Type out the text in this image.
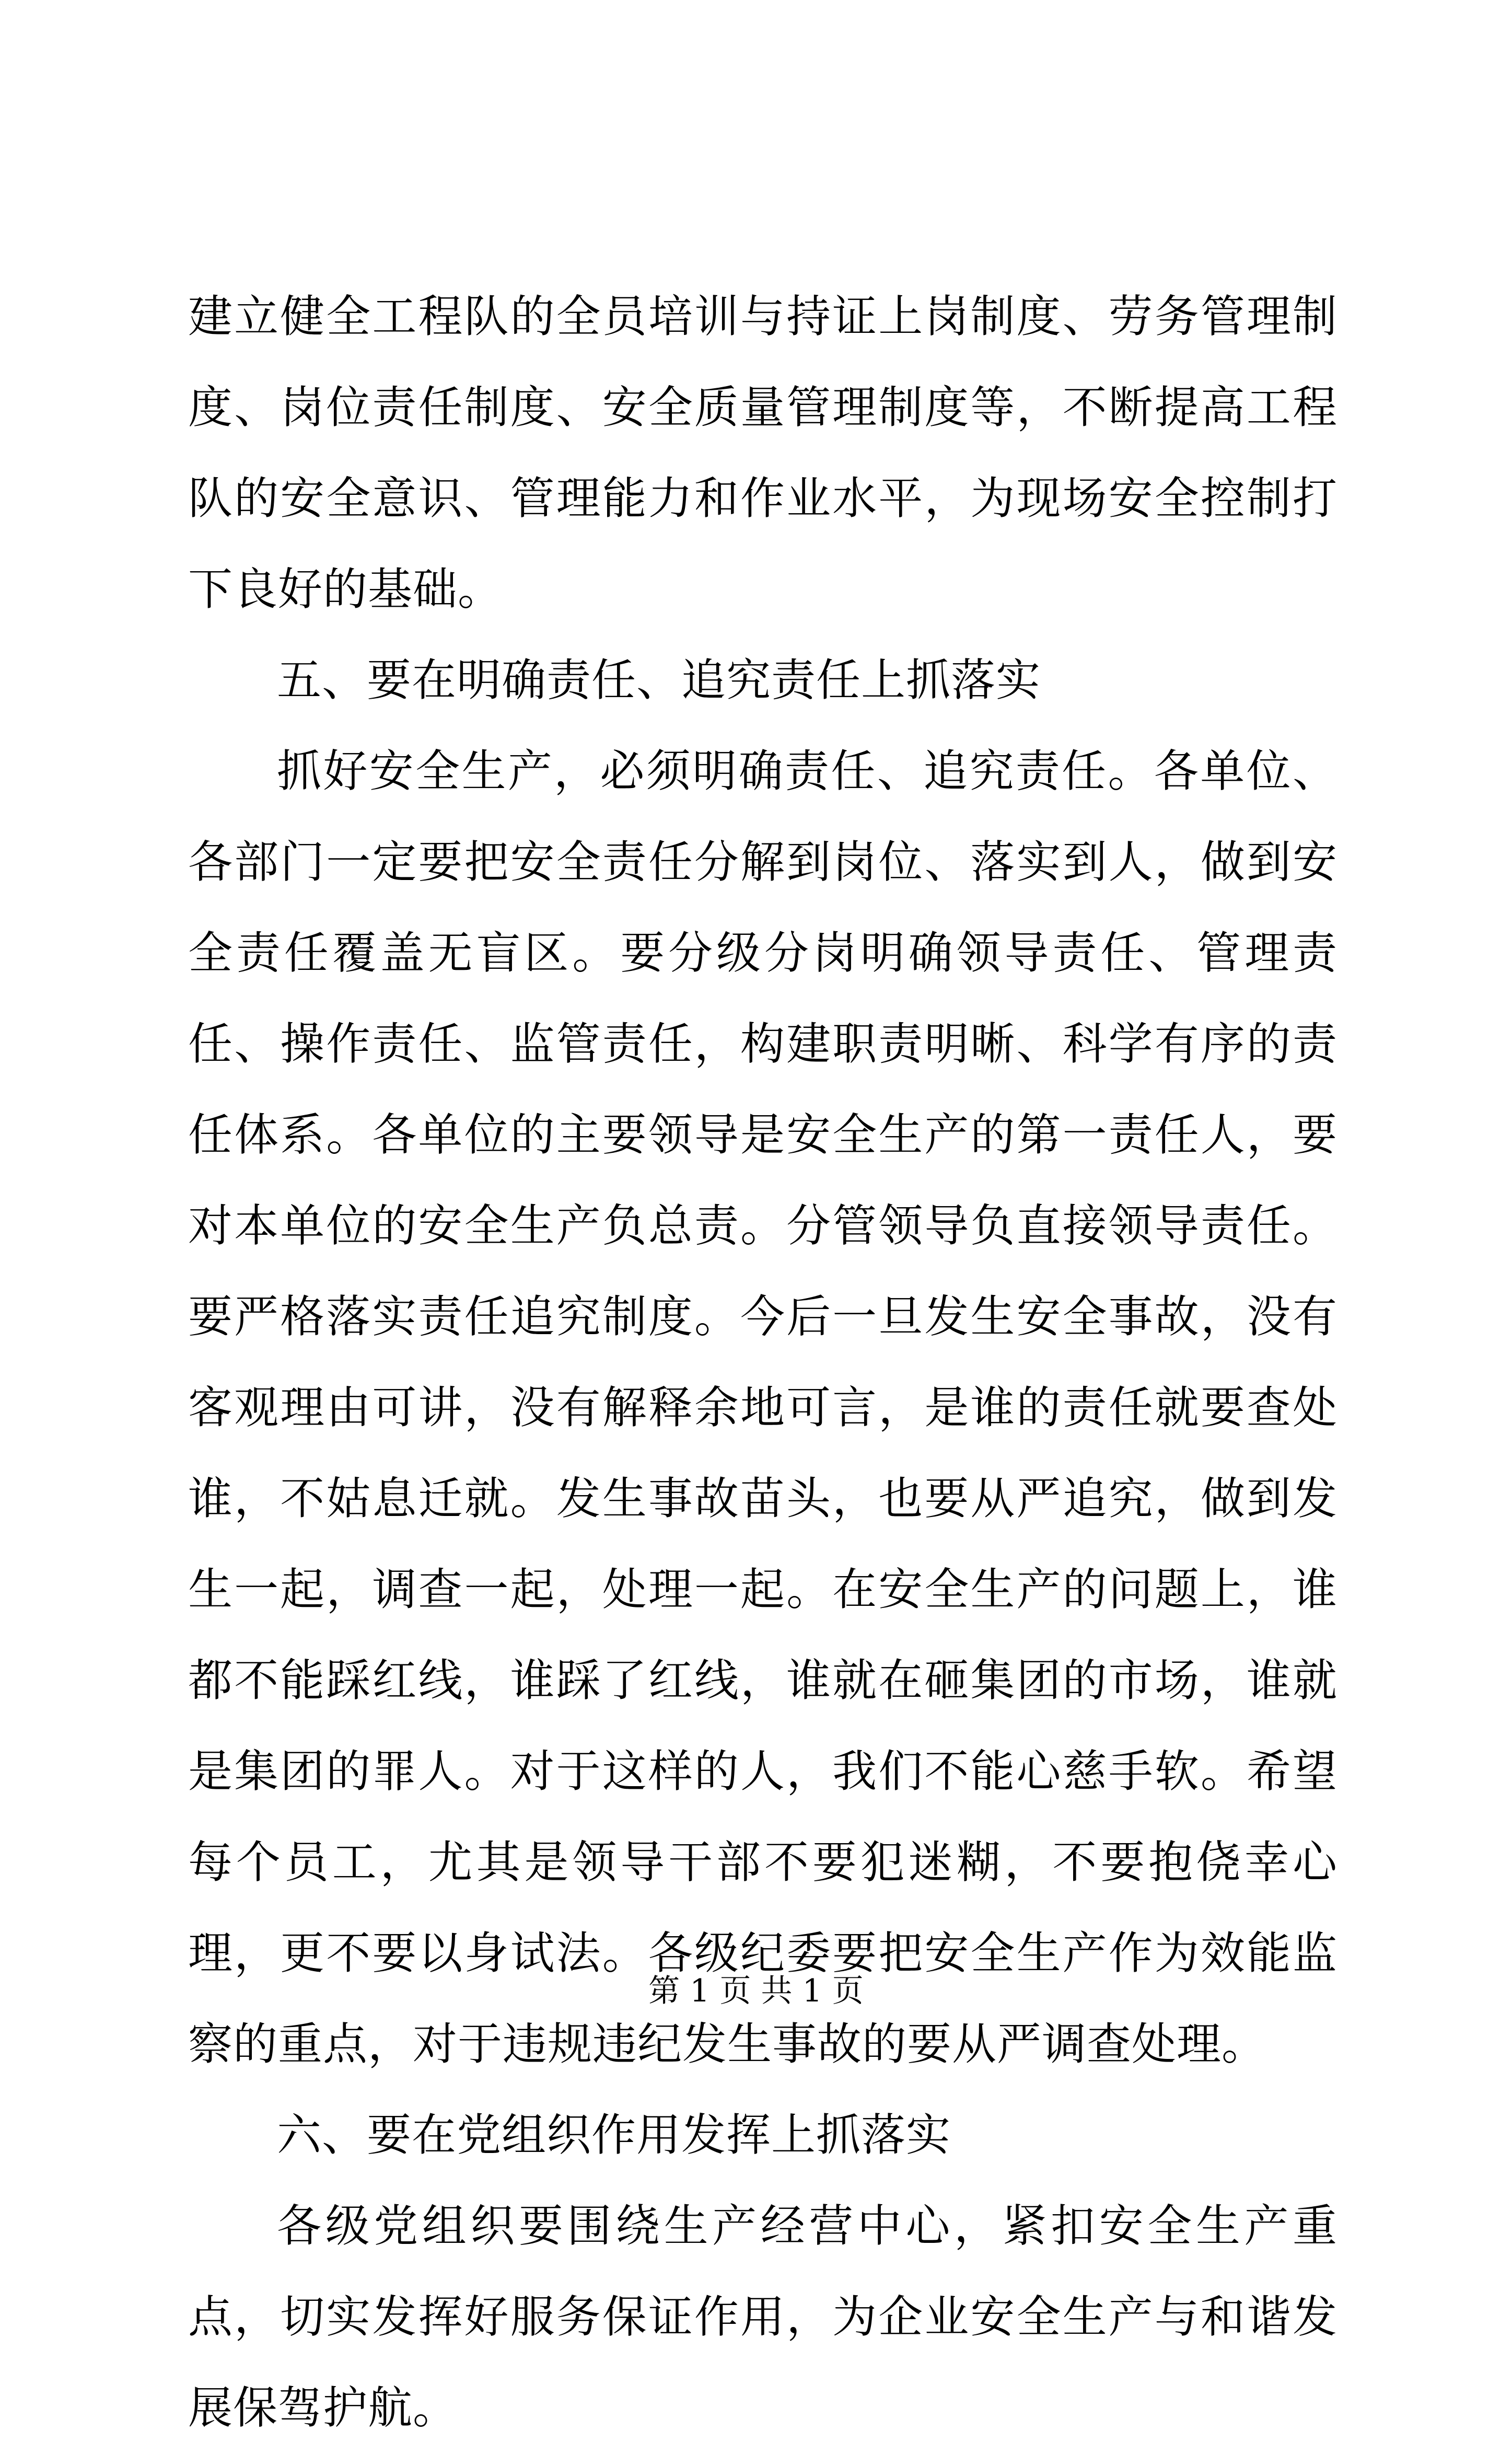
建立健全工程队的全员培训与持证上岗制度、劳务管理制度、岗位责任制度、安全质量管理制度等，不断提高工程队的安全意识、管理能力和作业水平，为现场安全控制打下良好的基础。

五、要在明确责任、追究责任上抓落实

抓好安全生产，必须明确责任、追究责任。各单位、各部门一定要把安全责任分解到岗位、落实到人，做到安全责任覆盖无盲区。要分级分岗明确领导责任、管理责任、操作责任、监管责任，构建职责明晰、科学有序的责任体系。各单位的主要领导是安全生产的第一责任人，要对本单位的安全生产负总责。分管领导负直接领导责任。要严格落实责任追究制度。今后一旦发生安全事故，没有客观理由可讲，没有解释余地可言，是谁的责任就要查处谁，不姑息迁就。发生事故苗头，也要从严追究，做到发生一起，调查一起，处理一起。在安全生产的问题上，谁都不能踩红线，谁踩了红线，谁就在砸集团的市场，谁就是集团的罪人。对于这样的人，我们不能心慈手软。希望每个员工，尤其是领导干部不要犯迷糊，不要抱侥幸心理，更不要以身试法。各级纪委要把安全生产作为效能监察的重点，对于违规违纪发生事故的要从严调查处理。

六、要在党组织作用发挥上抓落实

各级党组织要围绕生产经营中心，紧扣安全生产重点，切实发挥好服务保证作用，为企业安全生产与和谐发展保驾护航。

第 1 页 共 1 页
